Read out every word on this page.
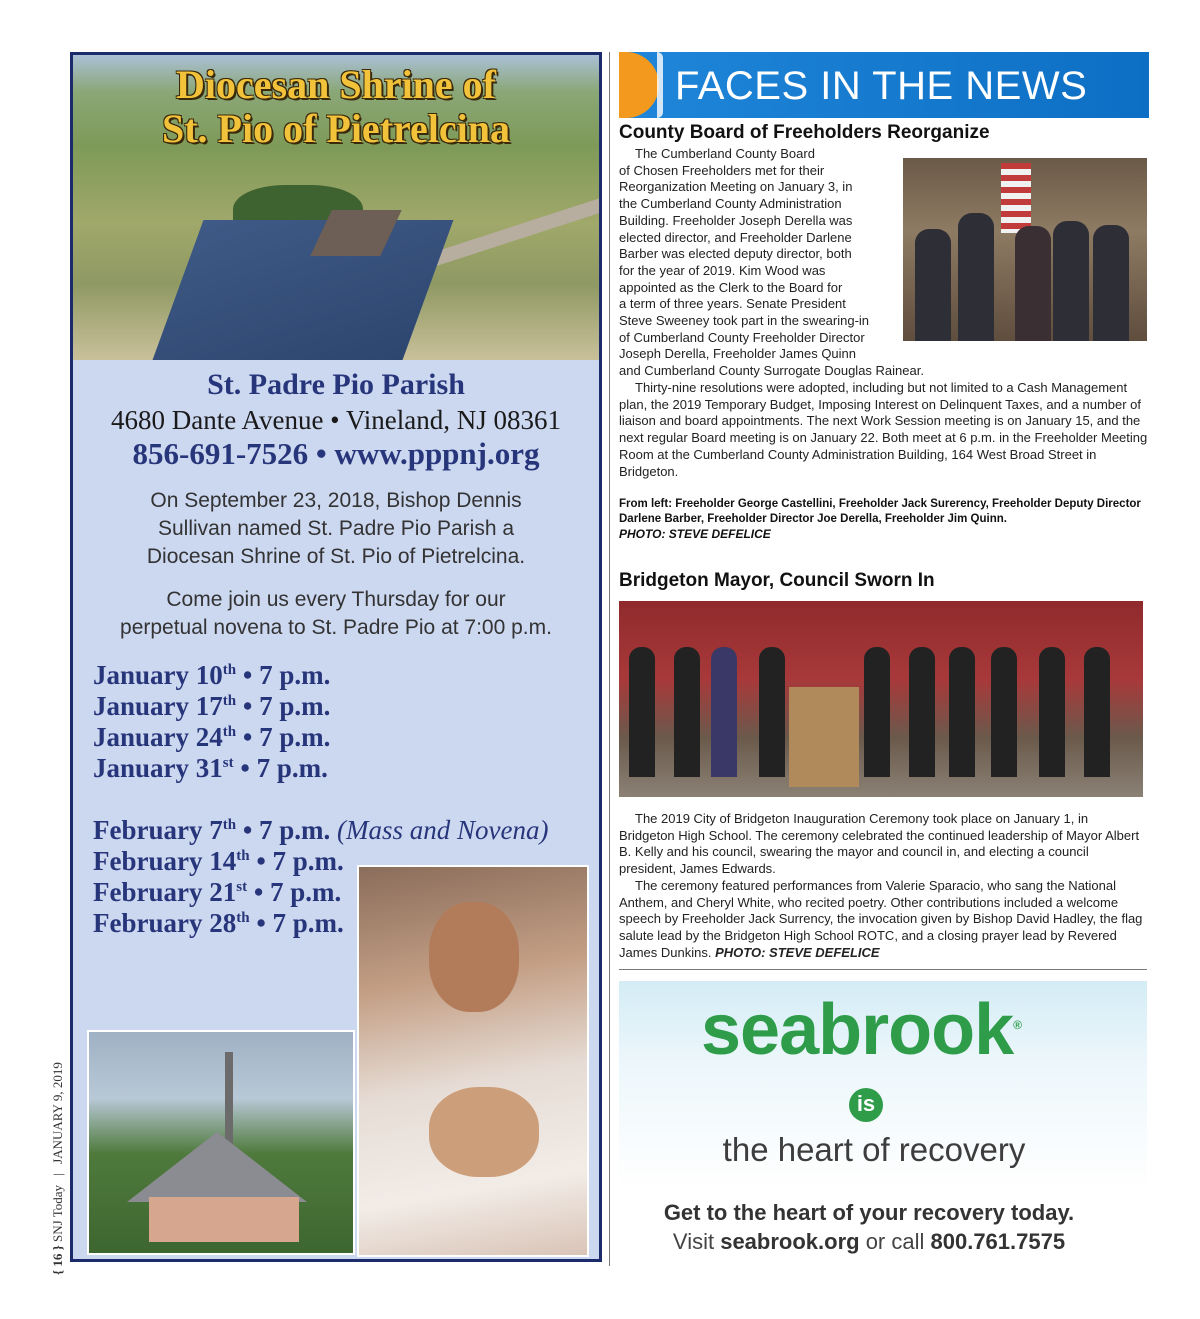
{ 16 } SNJ Today | JANUARY 9, 2019
Diocesan Shrine of
St. Pio of Pietrelcina
St. Padre Pio Parish
4680 Dante Avenue • Vineland, NJ 08361
856-691-7526 • www.pppnj.org
On September 23, 2018, Bishop Dennis
Sullivan named St. Padre Pio Parish a
Diocesan Shrine of St. Pio of Pietrelcina.
Come join us every Thursday for our
perpetual novena to St. Padre Pio at 7:00 p.m.
January 10th • 7 p.m.
January 17th • 7 p.m.
January 24th • 7 p.m.
January 31st • 7 p.m.
February 7th • 7 p.m. (Mass and Novena)
February 14th • 7 p.m.
February 21st • 7 p.m.
February 28th • 7 p.m.
FACES IN THE NEWS
County Board of Freeholders Reorganize
The Cumberland County Board
of Chosen Freeholders met for their
Reorganization Meeting on January 3, in
the Cumberland County Administration
Building. Freeholder Joseph Derella was
elected director, and Freeholder Darlene
Barber was elected deputy director, both
for the year of 2019. Kim Wood was
appointed as the Clerk to the Board for
a term of three years. Senate President
Steve Sweeney took part in the swearing-in
of Cumberland County Freeholder Director
Joseph Derella, Freeholder James Quinn
and Cumberland County Surrogate Douglas Rainear.

Thirty-nine resolutions were adopted, including but not limited to a Cash Management plan, the 2019 Temporary Budget, Imposing Interest on Delinquent Taxes, and a number of liaison and board appointments. The next Work Session meeting is on January 15, and the next regular Board meeting is on January 22. Both meet at 6 p.m. in the Freeholder Meeting Room at the Cumberland County Administration Building, 164 West Broad Street in Bridgeton.

From left: Freeholder George Castellini, Freeholder Jack Surerency, Freeholder Deputy Director Darlene Barber, Freeholder Director Joe Derella, Freeholder Jim Quinn.
PHOTO: STEVE DEFELICE
Bridgeton Mayor, Council Sworn In

The 2019 City of Bridgeton Inauguration Ceremony took place on January 1, in Bridgeton High School. The ceremony celebrated the continued leadership of Mayor Albert B. Kelly and his council, swearing the mayor and council in, and electing a council president, James Edwards.

The ceremony featured performances from Valerie Sparacio, who sang the National Anthem, and Cheryl White, who recited poetry. Other contributions included a welcome speech by Freeholder Jack Surrency, the invocation given by Bishop David Hadley, the flag salute lead by the Bridgeton High School ROTC, and a closing prayer lead by Revered James Dunkins. PHOTO: STEVE DEFELICE

seabrook®
is
the heart of recovery
Get to the heart of your recovery today.
Visit seabrook.org or call 800.761.7575
